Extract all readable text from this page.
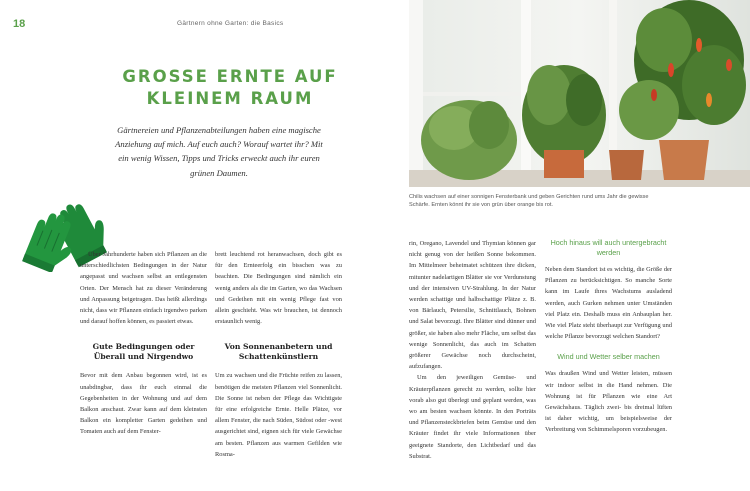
18	Gärtnern ohne Garten: die Basics
GROSSE ERNTE AUF
KLEINEM RAUM
Gärtnereien und Pflanzenabteilungen haben eine magische Anziehung auf mich. Auf euch auch? Worauf wartet ihr? Mit ein wenig Wissen, Tipps und Tricks erweckt auch ihr euren grünen Daumen.

Über Jahrhunderte haben sich Pflanzen an die unterschiedlichsten Bedingungen in der Natur angepasst und wachsen selbst an entlegensten Orten. Der Mensch hat zu dieser Veränderung und Anpassung beigetragen. Das heißt allerdings nicht, dass wir Pflanzen einfach irgendwo parken und darauf hoffen können, es passiert etwas.

Gute Bedingungen oder Überall und Nirgendwo

Bevor mit dem Anbau begonnen wird, ist es unabdingbar, dass ihr euch einmal die Gegebenheiten in der Wohnung und auf dem Balkon anschaut. Zwar kann auf dem kleinsten Balkon ein kompletter Garten gedeihen und Tomaten auch auf dem Fenster-

brett leuchtend rot heranwachsen, doch gibt es für den Ernteerfolg ein bisschen was zu beachten. Die Bedingungen sind nämlich ein wenig anders als die im Garten, wo das Wachsen und Gedeihen mit ein wenig Pflege fast von allein geschieht. Was wir brauchen, ist dennoch erstaunlich wenig.

Von Sonnenanbetern und Schattenkünstlern

Um zu wachsen und die Früchte reifen zu lassen, benötigen die meisten Pflanzen viel Sonnenlicht. Die Sonne ist neben der Pflege das Wichtigste für eine erfolgreiche Ernte. Helle Plätze, vor allem Fenster, die nach Süden, Südost oder -west ausgerichtet sind, eignen sich für viele Gewächse am besten. Pflanzen aus warmen Gefilden wie Rosma-

Chilis wachsen auf einer sonnigen Fensterbank und geben Gerichten rund ums Jahr die gewisse Schärfe. Ernten könnt ihr sie von grün über orange bis rot.

rin, Oregano, Lavendel und Thymian können gar nicht genug von der heißen Sonne bekommen. Im Mittelmeer beheimatet schützen ihre dicken, mitunter nadelartigen Blätter sie vor Verdunstung und der intensiven UV-Strahlung. In der Natur werden schattige und halbschattige Plätze z. B. von Bärlauch, Petersilie, Schnittlauch, Bohnen und Salat bevorzugt. Ihre Blätter sind dünner und größer, sie haben also mehr Fläche, um selbst das wenige Sonnenlicht, das auch im Schatten größerer Gewächse noch durchscheint, aufzufangen.

Um den jeweiligen Gemüse- und Kräuterpflanzen gerecht zu werden, sollte hier vorab also gut überlegt und geplant werden, was wo am besten wachsen könnte. In den Porträts und Pflanzensteckbriefen beim Gemüse und den Kräuter findet ihr viele Informationen über geeignete Standorte, den Lichtbedarf und das Substrat.

Hoch hinaus will auch untergebracht werden

Neben dem Standort ist es wichtig, die Größe der Pflanzen zu berücksichtigen. So manche Sorte kann im Laufe ihres Wachstums ausladend werden, auch Gurken nehmen unter Umständen viel Platz ein. Deshalb muss ein Anbauplan her. Wie viel Platz steht überhaupt zur Verfügung und welche Pflanze bevorzugt welchen Standort?

Wind und Wetter selber machen

Was draußen Wind und Wetter leisten, müssen wir indoor selbst in die Hand nehmen. Die Wohnung ist für Pflanzen wie eine Art Gewächshaus. Täglich zwei- bis dreimal lüften ist daher wichtig, um beispielsweise der Verbreitung von Schimmelsporen vorzubeugen.
